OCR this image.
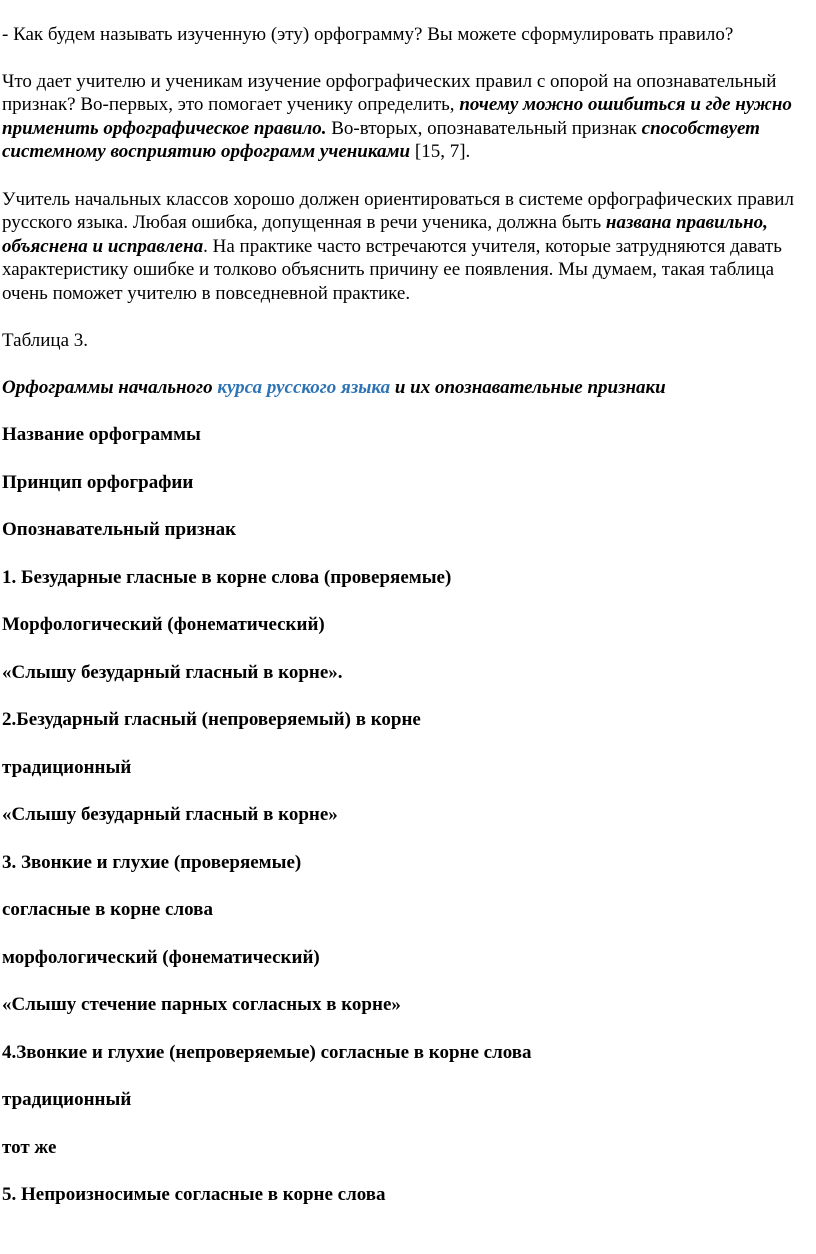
- Как будем называть изученную (эту) орфограмму? Вы можете сформулировать правило?

Что дает учителю и ученикам изучение орфографических правил с опорой на опознавательный признак? Во-первых, это помогает ученику определить, почему можно ошибиться и где нужно применить орфографическое правило. Во-вторых, опознавательный признак способствует системному восприятию орфограмм учениками [15, 7].

Учитель начальных классов хорошо должен ориентироваться в системе орфографических правил русского языка. Любая ошибка, допущенная в речи ученика, должна быть названа правильно, объяснена и исправлена. На практике часто встречаются учителя, которые затрудняются давать характеристику ошибке и толково объяснить причину ее появления. Мы думаем, такая таблица очень поможет учителю в повседневной практике.

Таблица 3.

Орфограммы начального курса русского языка и их опознавательные признаки

Название орфограммы

Принцип орфографии

Опознавательный признак

1. Безударные гласные в корне слова (проверяемые)

Морфологический (фонематический)

«Слышу безударный гласный в корне».

2.Безударный гласный (непроверяемый) в корне

традиционный

«Слышу безударный гласный в корне»

3. Звонкие и глухие (проверяемые)

согласные в корне слова

морфологический (фонематический)

«Слышу стечение парных согласных в корне»

4.Звонкие и глухие (непроверяемые) согласные в корне слова

традиционный

тот же

5. Непроизносимые согласные в корне слова
